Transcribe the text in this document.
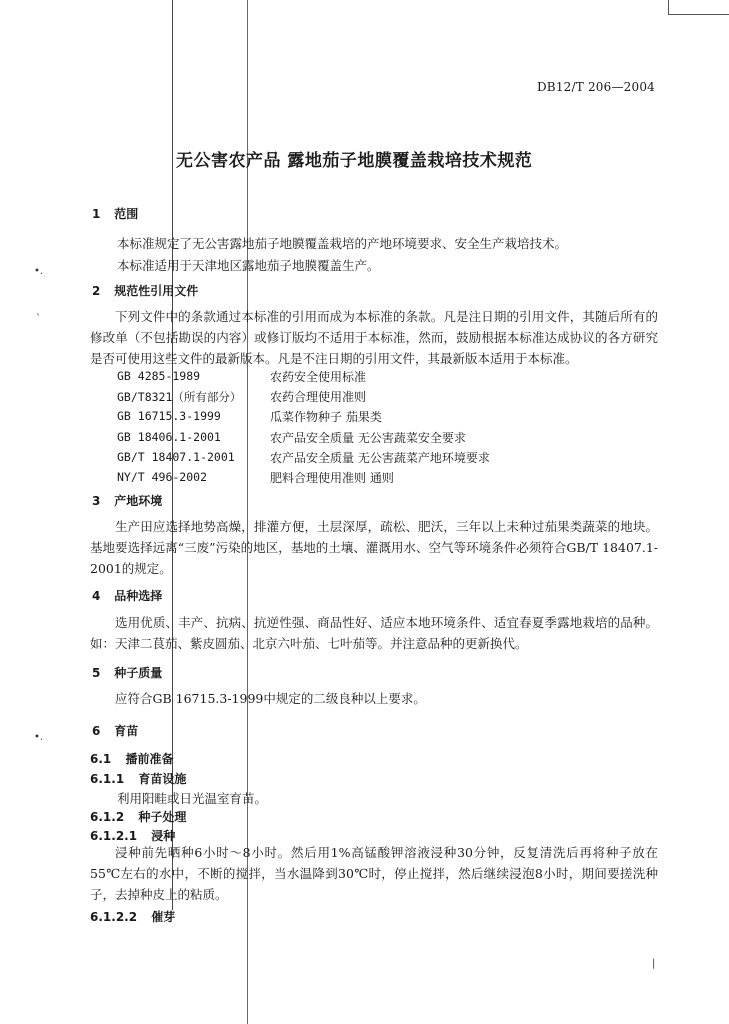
•.
`
•.
|
DB12/T 206—2004
无公害农产品 露地茄子地膜覆盖栽培技术规范
1 范围
本标准规定了无公害露地茄子地膜覆盖栽培的产地环境要求、安全生产栽培技术。
本标准适用于天津地区露地茄子地膜覆盖生产。
2 规范性引用文件
下列文件中的条款通过本标准的引用而成为本标准的条款。凡是注日期的引用文件，其随后所有的修改单（不包括勘误的内容）或修订版均不适用于本标准，然而，鼓励根据本标准达成协议的各方研究是否可使用这些文件的最新版本。凡是不注日期的引用文件，其最新版本适用于本标准。
GB 4285-1989	农药安全使用标准
GB/T8321（所有部分） 农药合理使用准则
GB 16715.3-1999	瓜菜作物种子 茄果类
GB 18406.1-2001	农产品安全质量 无公害蔬菜安全要求
GB/T 18407.1-2001	农产品安全质量 无公害蔬菜产地环境要求
NY/T 496-2002	肥料合理使用准则 通则
3 产地环境
生产田应选择地势高燥，排灌方便，土层深厚，疏松、肥沃，三年以上未种过茄果类蔬菜的地块。基地要选择远离“三废”污染的地区，基地的土壤、灌溉用水、空气等环境条件必须符合GB/T 18407.1-2001的规定。
4 品种选择
选用优质、丰产、抗病、抗逆性强、商品性好、适应本地环境条件、适宜春夏季露地栽培的品种。如：天津二茛茄、紫皮圆茄、北京六叶茄、七叶茄等。并注意品种的更新换代。
5 种子质量
应符合GB 16715.3-1999中规定的二级良种以上要求。
6 育苗
6.1 播前准备
6.1.1 育苗设施
利用阳畦或日光温室育苗。
6.1.2 种子处理
6.1.2.1 浸种
浸种前先晒种6小时～8小时。然后用1%高锰酸钾溶液浸种30分钟，反复清洗后再将种子放在55℃左右的水中，不断的搅拌，当水温降到30℃时，停止搅拌，然后继续浸泡8小时，期间要搓洗种子，去掉种皮上的粘质。
6.1.2.2 催芽
